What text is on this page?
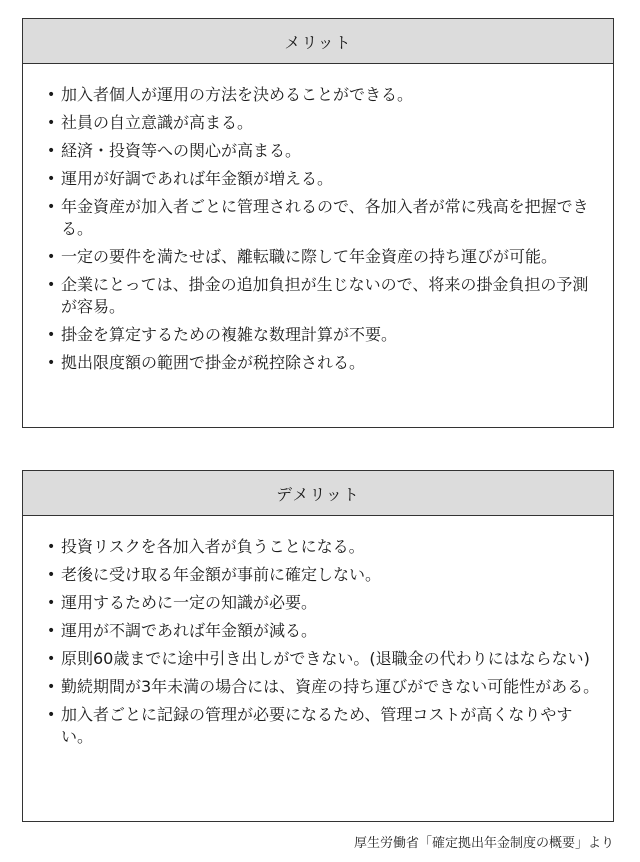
メリット
• 加入者個人が運用の方法を決めることができる。
• 社員の自立意識が高まる。
• 経済・投資等への関心が高まる。
• 運用が好調であれば年金額が増える。
• 年金資産が加入者ごとに管理されるので、各加入者が常に残高を把握できる。
• 一定の要件を満たせば、離転職に際して年金資産の持ち運びが可能。
• 企業にとっては、掛金の追加負担が生じないので、将来の掛金負担の予測が容易。
• 掛金を算定するための複雑な数理計算が不要。
• 拠出限度額の範囲で掛金が税控除される。
デメリット
• 投資リスクを各加入者が負うことになる。
• 老後に受け取る年金額が事前に確定しない。
• 運用するために一定の知識が必要。
• 運用が不調であれば年金額が減る。
• 原則60歳までに途中引き出しができない。(退職金の代わりにはならない)
• 勤続期間が3年未満の場合には、資産の持ち運びができない可能性がある。
• 加入者ごとに記録の管理が必要になるため、管理コストが高くなりやすい。
厚生労働省「確定拠出年金制度の概要」より
